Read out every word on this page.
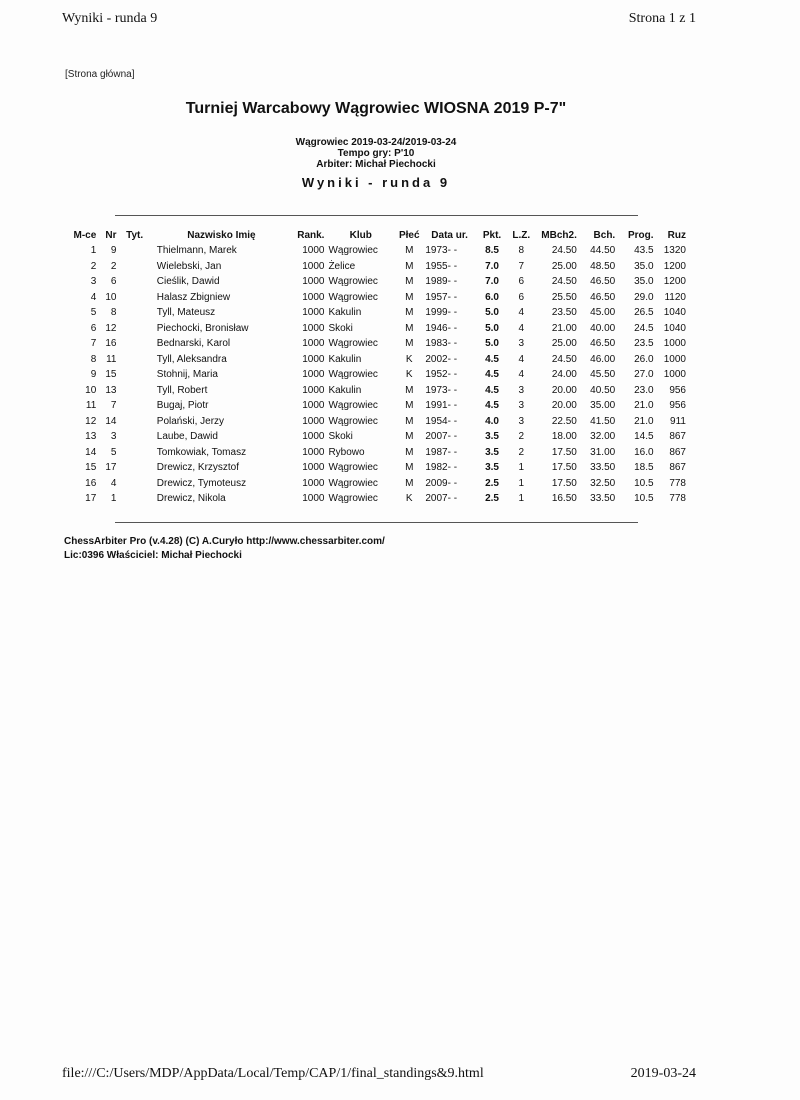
Wyniki - runda 9	Strona 1 z 1
[Strona główna]
Turniej Warcabowy Wągrowiec WIOSNA 2019 P-7"
Wągrowiec 2019-03-24/2019-03-24
Tempo gry: P'10
Arbiter: Michał Piechocki
Wyniki - runda 9
M-ce	Nr	Tyt.	Nazwisko Imię	Rank.	Klub	Płeć	Data ur.	Pkt.	L.Z.	MBch2.	Bch.	Prog.	Ruz
1	9		Thielmann, Marek	1000	Wągrowiec	M	1973- -	8.5	8	24.50	44.50	43.5	1320
2	2		Wielebski, Jan	1000	Żelice	M	1955- -	7.0	7	25.00	48.50	35.0	1200
3	6		Cieślik, Dawid	1000	Wągrowiec	M	1989- -	7.0	6	24.50	46.50	35.0	1200
4	10		Halasz Zbigniew	1000	Wągrowiec	M	1957- -	6.0	6	25.50	46.50	29.0	1120
5	8		Tyll, Mateusz	1000	Kakulin	M	1999- -	5.0	4	23.50	45.00	26.5	1040
6	12		Piechocki, Bronisław	1000	Skoki	M	1946- -	5.0	4	21.00	40.00	24.5	1040
7	16		Bednarski, Karol	1000	Wągrowiec	M	1983- -	5.0	3	25.00	46.50	23.5	1000
8	11		Tyll, Aleksandra	1000	Kakulin	K	2002- -	4.5	4	24.50	46.00	26.0	1000
9	15		Stohnij, Maria	1000	Wągrowiec	K	1952- -	4.5	4	24.00	45.50	27.0	1000
10	13		Tyll, Robert	1000	Kakulin	M	1973- -	4.5	3	20.00	40.50	23.0	956
11	7		Bugaj, Piotr	1000	Wągrowiec	M	1991- -	4.5	3	20.00	35.00	21.0	956
12	14		Polański, Jerzy	1000	Wągrowiec	M	1954- -	4.0	3	22.50	41.50	21.0	911
13	3		Laube, Dawid	1000	Skoki	M	2007- -	3.5	2	18.00	32.00	14.5	867
14	5		Tomkowiak, Tomasz	1000	Rybowo	M	1987- -	3.5	2	17.50	31.00	16.0	867
15	17		Drewicz, Krzysztof	1000	Wągrowiec	M	1982- -	3.5	1	17.50	33.50	18.5	867
16	4		Drewicz, Tymoteusz	1000	Wągrowiec	M	2009- -	2.5	1	17.50	32.50	10.5	778
17	1		Drewicz, Nikola	1000	Wągrowiec	K	2007- -	2.5	1	16.50	33.50	10.5	778
ChessArbiter Pro (v.4.28) (C) A.Curyło http://www.chessarbiter.com/
Lic:0396 Właściciel: Michał Piechocki
file:///C:/Users/MDP/AppData/Local/Temp/CAP/1/final_standings&9.html	2019-03-24
